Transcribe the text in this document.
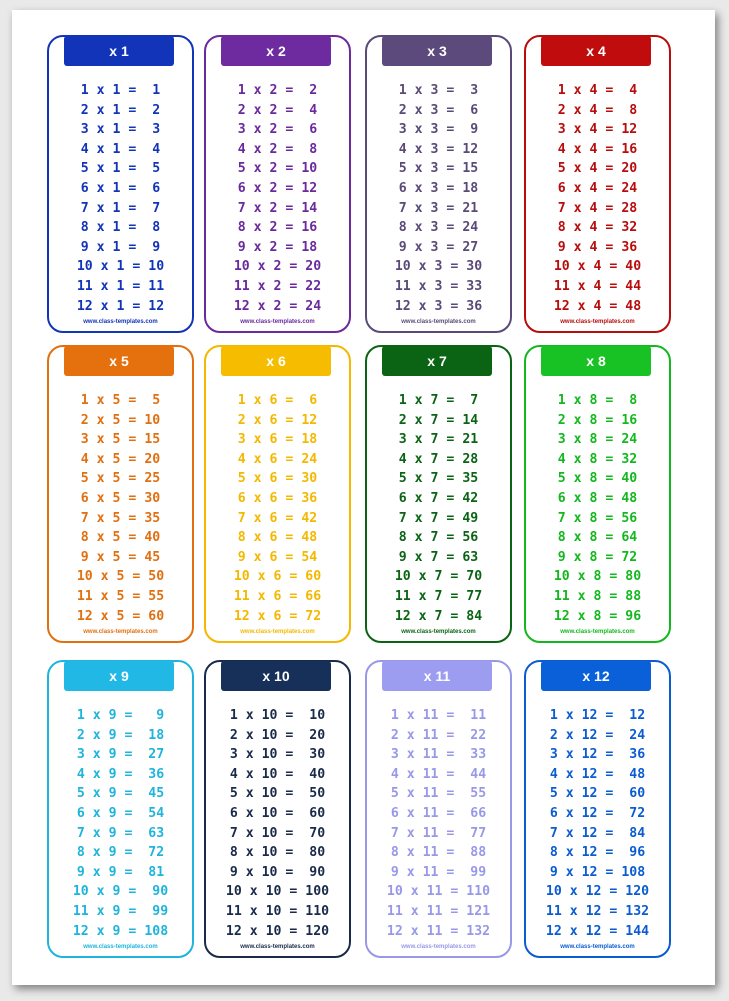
x 1
1 x 1 =  1
2 x 1 =  2
3 x 1 =  3
4 x 1 =  4
5 x 1 =  5
6 x 1 =  6
7 x 1 =  7
8 x 1 =  8
9 x 1 =  9
10 x 1 = 10
11 x 1 = 11
12 x 1 = 12
www.class-templates.com
x 2
1 x 2 =  2
2 x 2 =  4
3 x 2 =  6
4 x 2 =  8
5 x 2 = 10
6 x 2 = 12
7 x 2 = 14
8 x 2 = 16
9 x 2 = 18
10 x 2 = 20
11 x 2 = 22
12 x 2 = 24
www.class-templates.com
x 3
1 x 3 =  3
2 x 3 =  6
3 x 3 =  9
4 x 3 = 12
5 x 3 = 15
6 x 3 = 18
7 x 3 = 21
8 x 3 = 24
9 x 3 = 27
10 x 3 = 30
11 x 3 = 33
12 x 3 = 36
www.class-templates.com
x 4
1 x 4 =  4
2 x 4 =  8
3 x 4 = 12
4 x 4 = 16
5 x 4 = 20
6 x 4 = 24
7 x 4 = 28
8 x 4 = 32
9 x 4 = 36
10 x 4 = 40
11 x 4 = 44
12 x 4 = 48
www.class-templates.com
x 5
1 x 5 =  5
2 x 5 = 10
3 x 5 = 15
4 x 5 = 20
5 x 5 = 25
6 x 5 = 30
7 x 5 = 35
8 x 5 = 40
9 x 5 = 45
10 x 5 = 50
11 x 5 = 55
12 x 5 = 60
www.class-templates.com
x 6
1 x 6 =  6
2 x 6 = 12
3 x 6 = 18
4 x 6 = 24
5 x 6 = 30
6 x 6 = 36
7 x 6 = 42
8 x 6 = 48
9 x 6 = 54
10 x 6 = 60
11 x 6 = 66
12 x 6 = 72
www.class-templates.com
x 7
1 x 7 =  7
2 x 7 = 14
3 x 7 = 21
4 x 7 = 28
5 x 7 = 35
6 x 7 = 42
7 x 7 = 49
8 x 7 = 56
9 x 7 = 63
10 x 7 = 70
11 x 7 = 77
12 x 7 = 84
www.class-templates.com
x 8
1 x 8 =  8
2 x 8 = 16
3 x 8 = 24
4 x 8 = 32
5 x 8 = 40
6 x 8 = 48
7 x 8 = 56
8 x 8 = 64
9 x 8 = 72
10 x 8 = 80
11 x 8 = 88
12 x 8 = 96
www.class-templates.com
x 9
1 x 9 =   9
2 x 9 =  18
3 x 9 =  27
4 x 9 =  36
5 x 9 =  45
6 x 9 =  54
7 x 9 =  63
8 x 9 =  72
9 x 9 =  81
10 x 9 =  90
11 x 9 =  99
12 x 9 = 108
www.class-templates.com
x 10
1 x 10 =  10
2 x 10 =  20
3 x 10 =  30
4 x 10 =  40
5 x 10 =  50
6 x 10 =  60
7 x 10 =  70
8 x 10 =  80
9 x 10 =  90
10 x 10 = 100
11 x 10 = 110
12 x 10 = 120
www.class-templates.com
x 11
1 x 11 =  11
2 x 11 =  22
3 x 11 =  33
4 x 11 =  44
5 x 11 =  55
6 x 11 =  66
7 x 11 =  77
8 x 11 =  88
9 x 11 =  99
10 x 11 = 110
11 x 11 = 121
12 x 11 = 132
www.class-templates.com
x 12
1 x 12 =  12
2 x 12 =  24
3 x 12 =  36
4 x 12 =  48
5 x 12 =  60
6 x 12 =  72
7 x 12 =  84
8 x 12 =  96
9 x 12 = 108
10 x 12 = 120
11 x 12 = 132
12 x 12 = 144
www.class-templates.com
